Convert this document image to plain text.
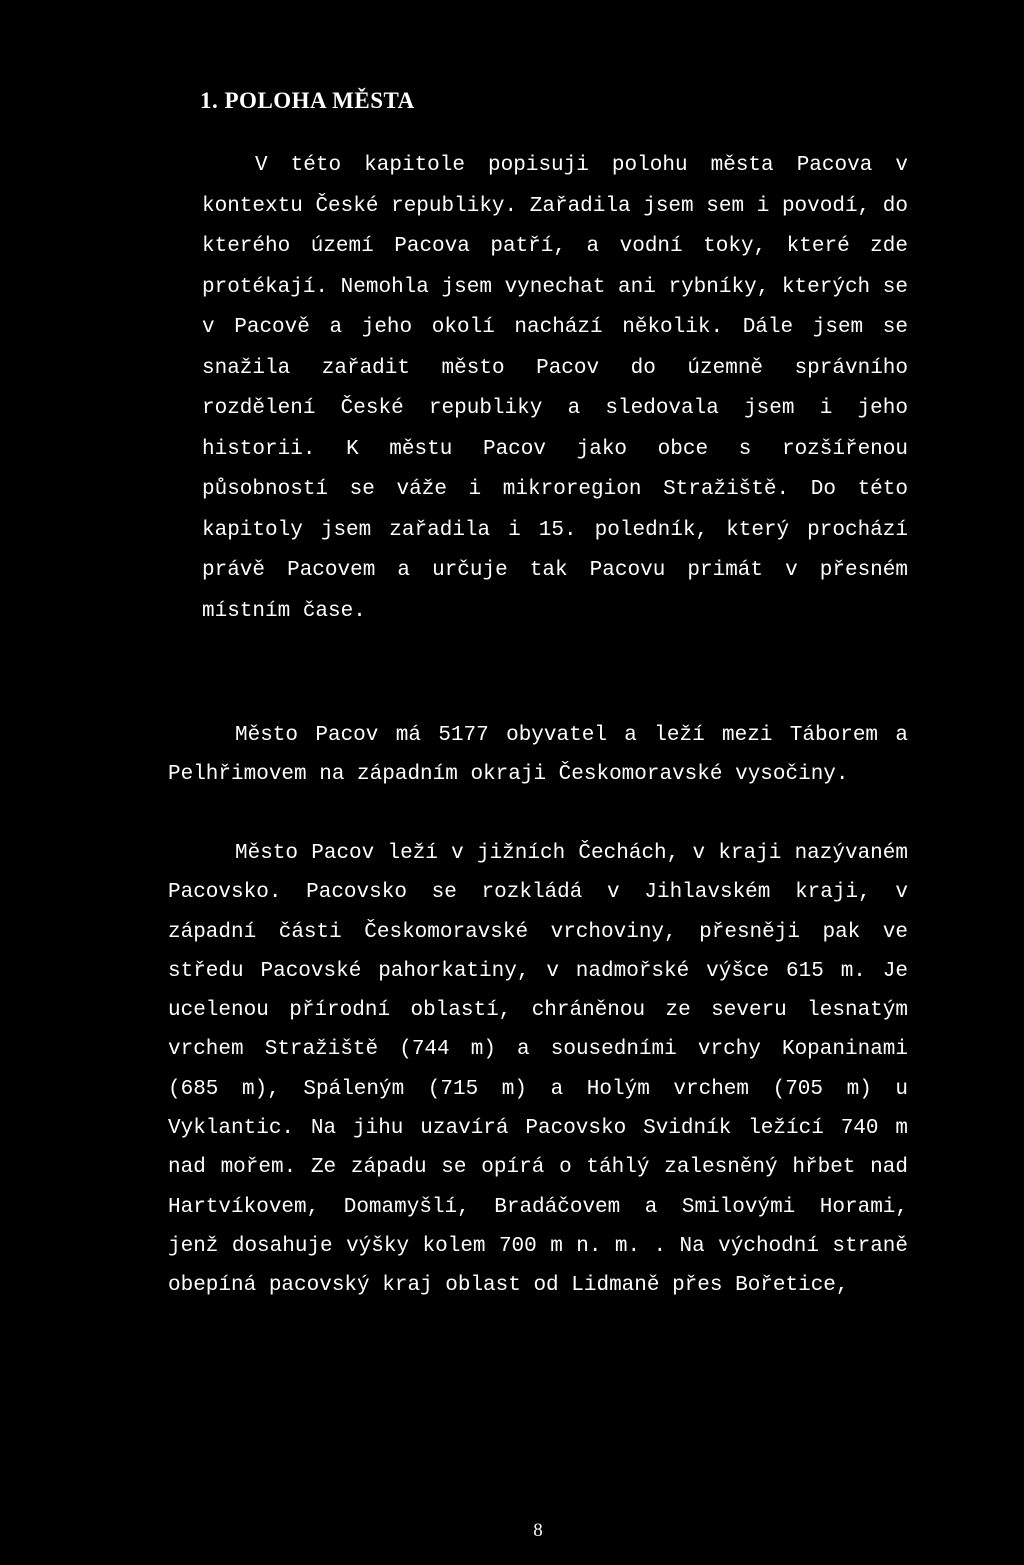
1. POLOHA MĚSTA

V této kapitole popisuji polohu města Pacova v kontextu České republiky. Zařadila jsem sem i povodí, do kterého území Pacova patří, a vodní toky, které zde protékají. Nemohla jsem vynechat ani rybníky, kterých se v Pacově a jeho okolí nachází několik. Dále jsem se snažila zařadit město Pacov do územně správního rozdělení České republiky a sledovala jsem i jeho historii. K městu Pacov jako obce s rozšířenou působností se váže i mikroregion Stražiště. Do této kapitoly jsem zařadila i 15. poledník, který prochází právě Pacovem a určuje tak Pacovu primát v přesném místním čase.

Město Pacov má 5177 obyvatel a leží mezi Táborem a Pelhřimovem na západním okraji Českomoravské vysočiny.

Město Pacov leží v jižních Čechách, v kraji nazývaném Pacovsko. Pacovsko se rozkládá v Jihlavském kraji, v západní části Českomoravské vrchoviny, přesněji pak ve středu Pacovské pahorkatiny, v nadmořské výšce 615 m. Je ucelenou přírodní oblastí, chráněnou ze severu lesnatým vrchem Stražiště (744 m) a sousedními vrchy Kopaninami (685 m), Spáleným (715 m) a Holým vrchem (705 m) u Vyklantic. Na jihu uzavírá Pacovsko Svidník ležící 740 m nad mořem. Ze západu se opírá o táhlý zalesněný hřbet nad Hartvíkovem, Domamyšlí, Bradáčovem a Smilovými Horami, jenž dosahuje výšky kolem 700 m n. m. . Na východní straně obepíná pacovský kraj oblast od Lidmaně přes Bořetice,

8
